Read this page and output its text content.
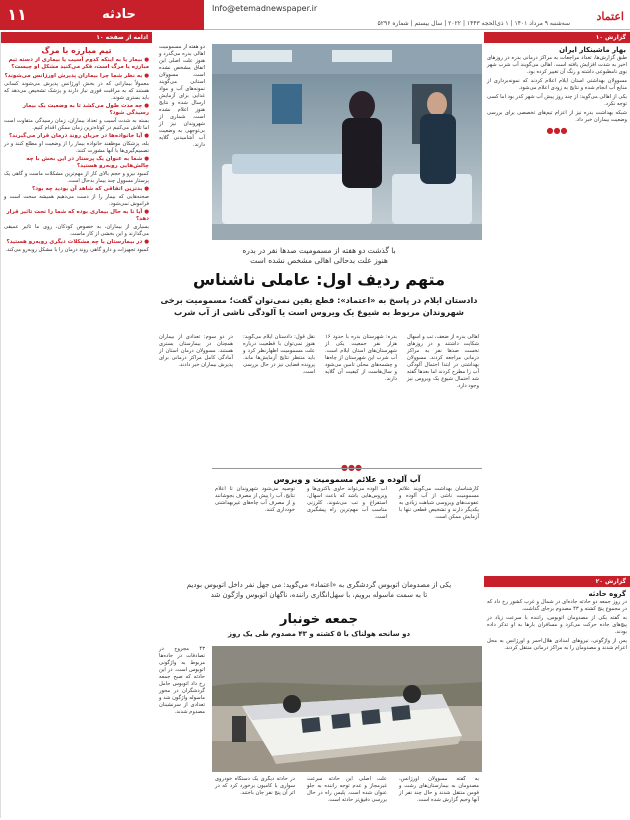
۱۱	حادثه	Info@etemadnewspaper.ir
سه‌شنبه ۹ مرداد ۱۴۰۱ | ۱ ذی‌الحجه ۱۴۴۳ | ۲۰۲۲ | سال بیستم | شماره ۵۲۹۶
اعتماد
ادامه از صفحه ۱۰
تیم مبارزه با مرگ
● بیمار یا به اینکه کدوم آسیب یا بیماری از دسته تیم مبارزه با مرگ است، فکر می‌کنید مشکل او چیست؟
● به نظر شما چرا بیماران پذیرش اورژانس می‌شوند؟
معمولاً بیمارانی که در بخش اورژانس پذیرش می‌شوند کسانی هستند که به مراقبت فوری نیاز دارند و پزشک تشخیص می‌دهد که باید بستری شوند.
● چه مدت طول می‌کشد تا به وضعیت یک بیمار رسیدگی شود؟
بسته به شدت آسیب و تعداد بیماران، زمان رسیدگی متفاوت است اما تلاش می‌کنیم در کوتاه‌ترین زمان ممکن اقدام کنیم.
● آیا خانواده‌ها در جریان روند درمان قرار می‌گیرند؟
بله، پزشکان موظفند خانواده بیمار را از وضعیت او مطلع کنند و در تصمیم‌گیری‌ها با آنها مشورت کنند.
● شما به عنوان یک پرستار در این بخش با چه چالش‌هایی روبه‌رو هستید؟
کمبود نیرو و حجم بالای کار از مهم‌ترین مشکلات ماست و گاهی یک پرستار مسوول چند بیمار بدحال است.
● بدترین اتفاقی که شاهد آن بودید چه بود؟
صحنه‌هایی که بیمار را از دست می‌دهیم همیشه سخت است و فراموش نمی‌شود.
● آیا تا به حال بیماری بوده که شما را تحت تاثیر قرار دهد؟
بسیاری از بیماران، به خصوص کودکان، روی ما تاثیر عمیقی می‌گذارند و این بخشی از کار ماست.
● در بیمارستان با چه مشکلات دیگری روبه‌رو هستید؟
کمبود تجهیزات و دارو گاهی روند درمان را با مشکل روبه‌رو می‌کند.
دو هفته از مسمومیت اهالی بدره می‌گذرد و هنوز علت اصلی این اتفاق مشخص نشده است. مسوولان استانی می‌گویند نمونه‌های آب و مواد غذایی برای آزمایش ارسال شده و نتایج هنوز اعلام نشده است. شماری از شهروندان نیز از بی‌توجهی به وضعیت آب آشامیدنی گلایه دارند.
با گذشت دو هفته از مسمومیت صدها نفر در بدره
هنوز علت بدحالی اهالی مشخص نشده است
متهم ردیف اول: عاملی ناشناس
دادستان ایلام در پاسخ به «اعتماد»: قطع یقین نمی‌توان گفت؛ مسمومیت برخی
شهروندان مربوط به شیوع یک ویروس است یا آلودگی ناشی از آب شرب
اهالی بدره از ضعف، تب و اسهال شکایت داشتند و در روزهای نخست صدها نفر به مراکز درمانی مراجعه کردند. مسوولان بهداشتی در ابتدا احتمال آلودگی آب را مطرح کردند اما بعدها گفته شد احتمال شیوع یک ویروس نیز وجود دارد.
بدره: شهرستان بدره با حدود ۱۶ هزار نفر جمعیت یکی از شهرستان‌های استان ایلام است. آب شرب این شهرستان از چاه‌ها و چشمه‌های محلی تامین می‌شود و سال‌هاست از کیفیت آن گلایه دارند.
نقل قول: دادستان ایلام می‌گوید: هنوز نمی‌توان با قطعیت درباره علت مسمومیت اظهارنظر کرد و باید منتظر نتایج آزمایش‌ها ماند. پرونده قضایی نیز در حال بررسی است.
در دو سوم: تعدادی از بیماران همچنان در بیمارستان بستری هستند. مسوولان درمان استان از آمادگی کامل مراکز درمانی برای پذیرش بیماران خبر دادند.
●●●
آب آلوده و علائم مسمومیت و ویروس
کارشناسان بهداشت می‌گویند علائم مسمومیت ناشی از آب آلوده و عفونت‌های ویروسی شباهت زیادی به یکدیگر دارند و تشخیص قطعی تنها با آزمایش ممکن است.
آب آلوده می‌تواند حاوی باکتری‌ها و ویروس‌هایی باشد که باعث اسهال، استفراغ و تب می‌شوند. کلرزنی مناسب آب مهم‌ترین راه پیشگیری است.
توصیه می‌شود شهروندان تا اعلام نتایج، آب را پیش از مصرف بجوشانند و از مصرف آب چاه‌های غیربهداشتی خودداری کنند.
یکی از مصدومان اتوبوس گردشگری به «اعتماد» می‌گوید: می‌ جهل نفر داخل اتوبوس بودیم
تا به سمت ماسوله برویم، با سهل‌انگاری راننده، ناگهان اتوبوس واژگون شد
جمعه خونبار
دو سانحه هولناک با ۵ کشته و ۴۳ مصدوم طی یک روز
۴۳ مجروح در تصادفات در جاده‌ها مربوط به واژگونی اتوبوس است. در این حادثه که صبح جمعه رخ داد اتوبوس حامل گردشگران در محور ماسوله واژگون شد و تعدادی از سرنشینان مصدوم شدند.
به گفته مسوولان اورژانس، مصدومان به بیمارستان‌های رشت و فومن منتقل شدند و حال چند نفر از آنها وخیم گزارش شده است.
علت اصلی این حادثه سرعت غیرمجاز و عدم توجه راننده به جلو عنوان شده است. پلیس راه در حال بررسی دقیق‌تر حادثه است.
در حادثه دیگری یک دستگاه خودروی سواری با کامیون برخورد کرد که در اثر آن پنج نفر جان باختند.
گزارش ۱۰
بهار ماشینکار ایران
طبق گزارش‌ها، تعداد مراجعات به مراکز درمانی بدره در روزهای اخیر به شدت افزایش یافته است. اهالی می‌گویند آب شرب شهر بوی نامطبوعی داشته و رنگ آن تغییر کرده بود.
مسوولان بهداشتی استان ایلام اعلام کردند که نمونه‌برداری از منابع آب انجام شده و نتایج به زودی اعلام می‌شود.
یکی از اهالی می‌گوید: از چند روز پیش آب شهر کدر بود اما کسی توجه نکرد.
شبکه بهداشت بدره نیز از اعزام تیم‌های تخصصی برای بررسی وضعیت بیماران خبر داد.
●●●
گزارش ۲۰
گروه حادثه
در روز جمعه دو حادثه جاده‌ای در شمال و غرب کشور رخ داد که در مجموع پنج کشته و ۴۳ مصدوم برجای گذاشت.
به گفته یکی از مصدومان اتوبوس، راننده با سرعت زیاد در پیچ‌های جاده حرکت می‌کرد و مسافران بارها به او تذکر داده بودند.
پس از واژگونی، نیروهای امدادی هلال‌احمر و اورژانس به محل اعزام شدند و مصدومان را به مراکز درمانی منتقل کردند.
